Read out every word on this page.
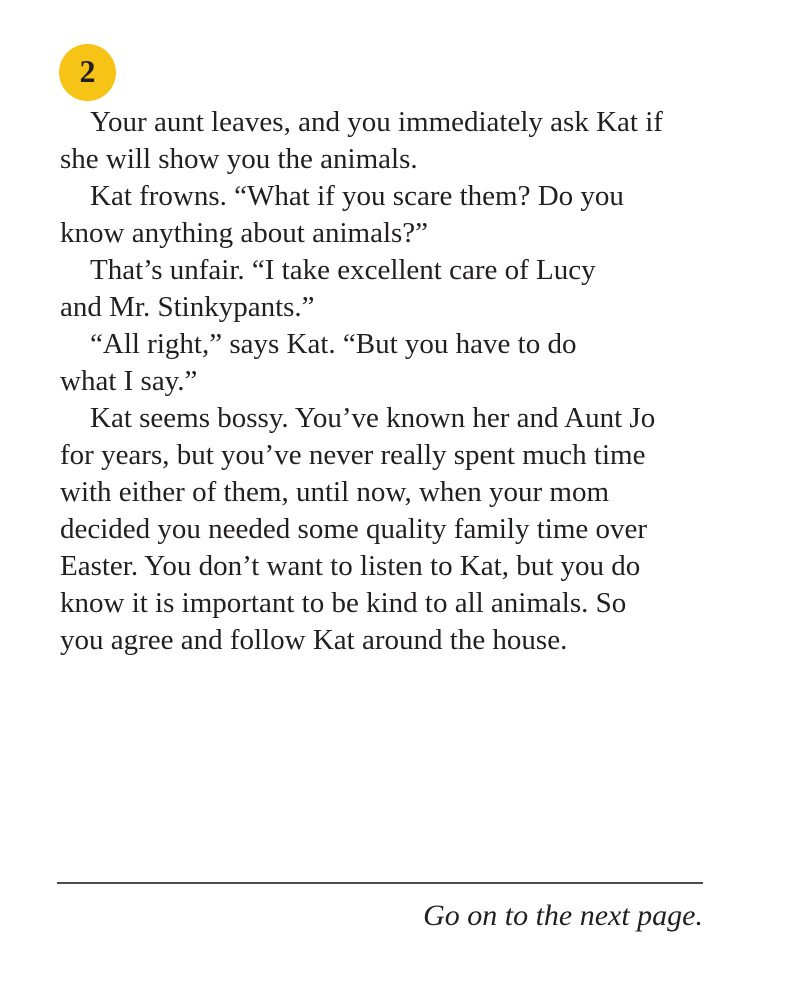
2

Your aunt leaves, and you immediately ask Kat if
she will show you the animals.

Kat frowns. “What if you scare them? Do you
know anything about animals?”

That’s unfair. “I take excellent care of Lucy
and Mr. Stinkypants.”

“All right,” says Kat. “But you have to do
what I say.”

Kat seems bossy. You’ve known her and Aunt Jo
for years, but you’ve never really spent much time
with either of them, until now, when your mom
decided you needed some quality family time over
Easter. You don’t want to listen to Kat, but you do
know it is important to be kind to all animals. So
you agree and follow Kat around the house.

Go on to the next page.
